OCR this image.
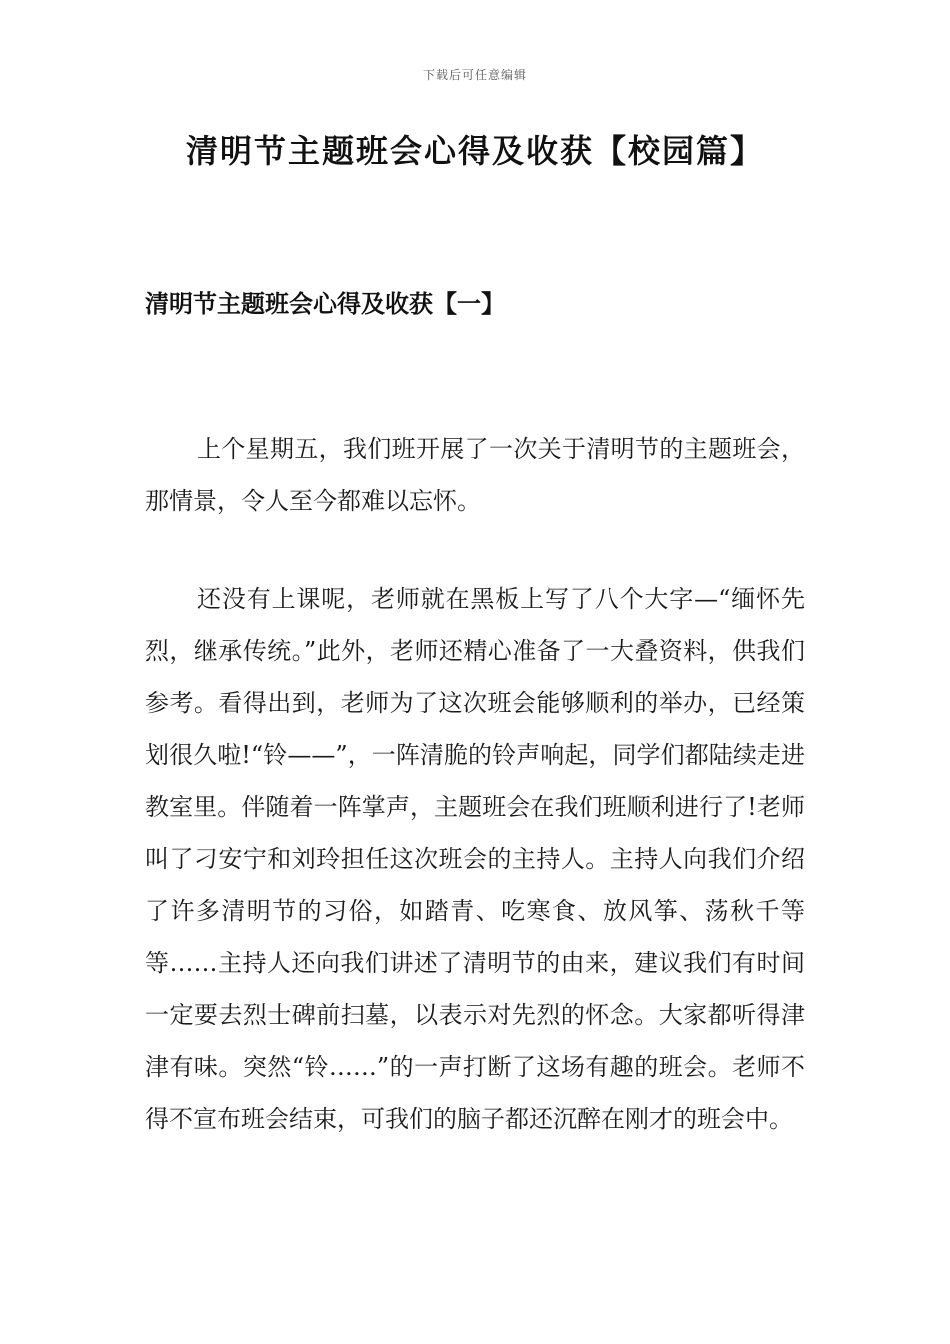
下载后可任意编辑
清明节主题班会心得及收获【校园篇】
清明节主题班会心得及收获【一】

上个星期五，我们班开展了一次关于清明节的主题班会，那情景，令人至今都难以忘怀。

还没有上课呢，老师就在黑板上写了八个大字—“缅怀先烈，继承传统。”此外，老师还精心准备了一大叠资料，供我们参考。看得出到，老师为了这次班会能够顺利的举办，已经策划很久啦!“铃——”，一阵清脆的铃声响起，同学们都陆续走进教室里。伴随着一阵掌声，主题班会在我们班顺利进行了!老师叫了刁安宁和刘玲担任这次班会的主持人。主持人向我们介绍了许多清明节的习俗，如踏青、吃寒食、放风筝、荡秋千等等……主持人还向我们讲述了清明节的由来，建议我们有时间一定要去烈士碑前扫墓，以表示对先烈的怀念。大家都听得津津有味。突然“铃……”的一声打断了这场有趣的班会。老师不得不宣布班会结束，可我们的脑子都还沉醉在刚才的班会中。
